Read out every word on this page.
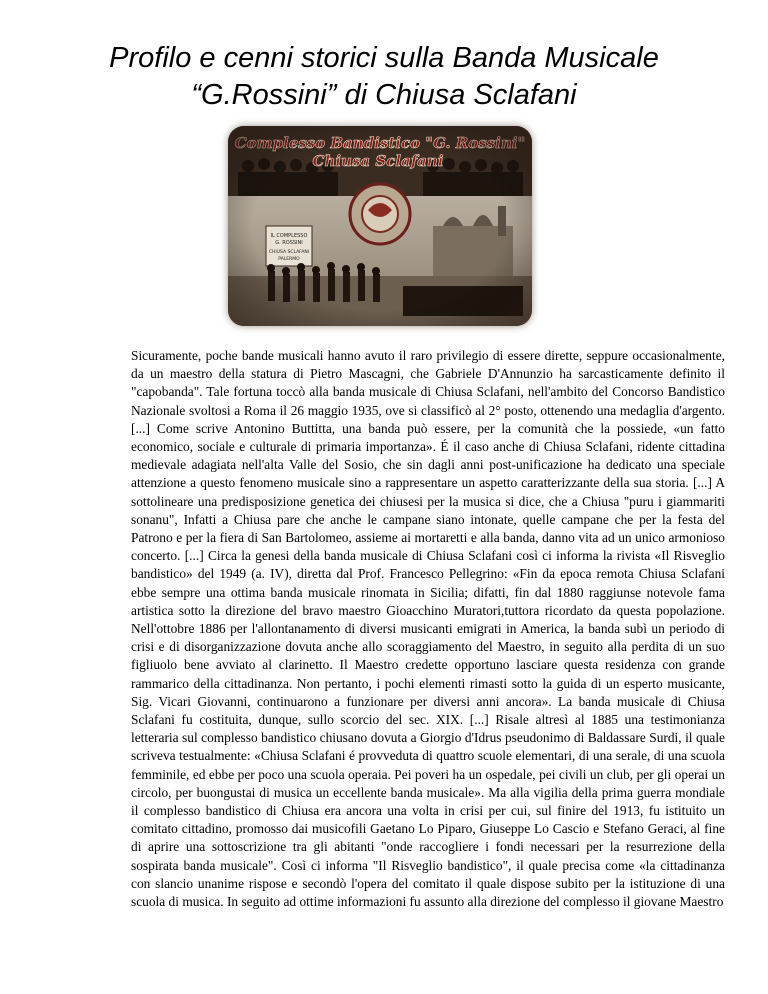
Profilo e cenni storici sulla Banda Musicale
“G.Rossini” di Chiusa Sclafani

Sicuramente, poche bande musicali hanno avuto il raro privilegio di essere dirette, seppure occasionalmente, da un maestro della statura di Pietro Mascagni, che Gabriele D'Annunzio ha sarcasticamente definito il "capobanda". Tale fortuna toccò alla banda musicale di Chiusa Sclafani, nell'ambito del Concorso Bandistico Nazionale svoltosi a Roma il 26 maggio 1935, ove si classificò al 2° posto, ottenendo una medaglia d'argento. [...] Come scrive Antonino Buttitta, una banda può essere, per la comunità che la possiede, «un fatto economico, sociale e culturale di primaria importanza». É il caso anche di Chiusa Sclafani, ridente cittadina medievale adagiata nell'alta Valle del Sosio, che sin dagli anni post-unificazione ha dedicato una speciale attenzione a questo fenomeno musicale sino a rappresentare un aspetto caratterizzante della sua storia. [...] A sottolineare una predisposizione genetica dei chiusesi per la musica si dice, che a Chiusa "puru i giammariti sonanu", Infatti a Chiusa pare che anche le campane siano intonate, quelle campane che per la festa del Patrono e per la fiera di San Bartolomeo, assieme ai mortaretti e alla banda, danno vita ad un unico armonioso concerto. [...] Circa la genesi della banda musicale di Chiusa Sclafani così ci informa la rivista «Il Risveglio bandistico» del 1949 (a. IV), diretta dal Prof. Francesco Pellegrino: «Fin da epoca remota Chiusa Sclafani ebbe sempre una ottima banda musicale rinomata in Sicilia; difatti, fin dal 1880 raggiunse notevole fama artistica sotto la direzione del bravo maestro Gioacchino Muratori,tuttora ricordato da questa popolazione. Nell'ottobre 1886 per l'allontanamento di diversi musicanti emigrati in America, la banda subì un periodo di crisi e di disorganizzazione dovuta anche allo scoraggiamento del Maestro, in seguito alla perdita di un suo figliuolo bene avviato al clarinetto. Il Maestro credette opportuno lasciare questa residenza con grande rammarico della cittadinanza. Non pertanto, i pochi elementi rimasti sotto la guida di un esperto musicante, Sig. Vicari Giovanni, continuarono a funzionare per diversi anni ancora». La banda musicale di Chiusa Sclafani fu costituita, dunque, sullo scorcio del sec. XIX. [...] Risale altresì al 1885 una testimonianza letteraria sul complesso bandistico chiusano dovuta a Giorgio d'Idrus pseudonimo di Baldassare Surdi, il quale scriveva testualmente: «Chiusa Sclafani é provveduta di quattro scuole elementari, di una serale, di una scuola femminile, ed ebbe per poco una scuola operaia. Pei poveri ha un ospedale, pei civili un club, per gli operai un circolo, per buongustai di musica un eccellente banda musicale». Ma alla vigilia della prima guerra mondiale il complesso bandistico di Chiusa era ancora una volta in crisi per cui, sul finire del 1913, fu istituito un comitato cittadino, promosso dai musicofili Gaetano Lo Piparo, Giuseppe Lo Cascio e Stefano Geraci, al fine di aprire una sottoscrizione tra gli abitanti "onde raccogliere i fondi necessari per la resurrezione della sospirata banda musicale". Così ci informa "Il Risveglio bandistico", il quale precisa come «la cittadinanza con slancio unanime rispose e secondò l'opera del comitato il quale dispose subito per la istituzione di una scuola di musica. In seguito ad ottime informazioni fu assunto alla direzione del complesso il giovane Maestro
